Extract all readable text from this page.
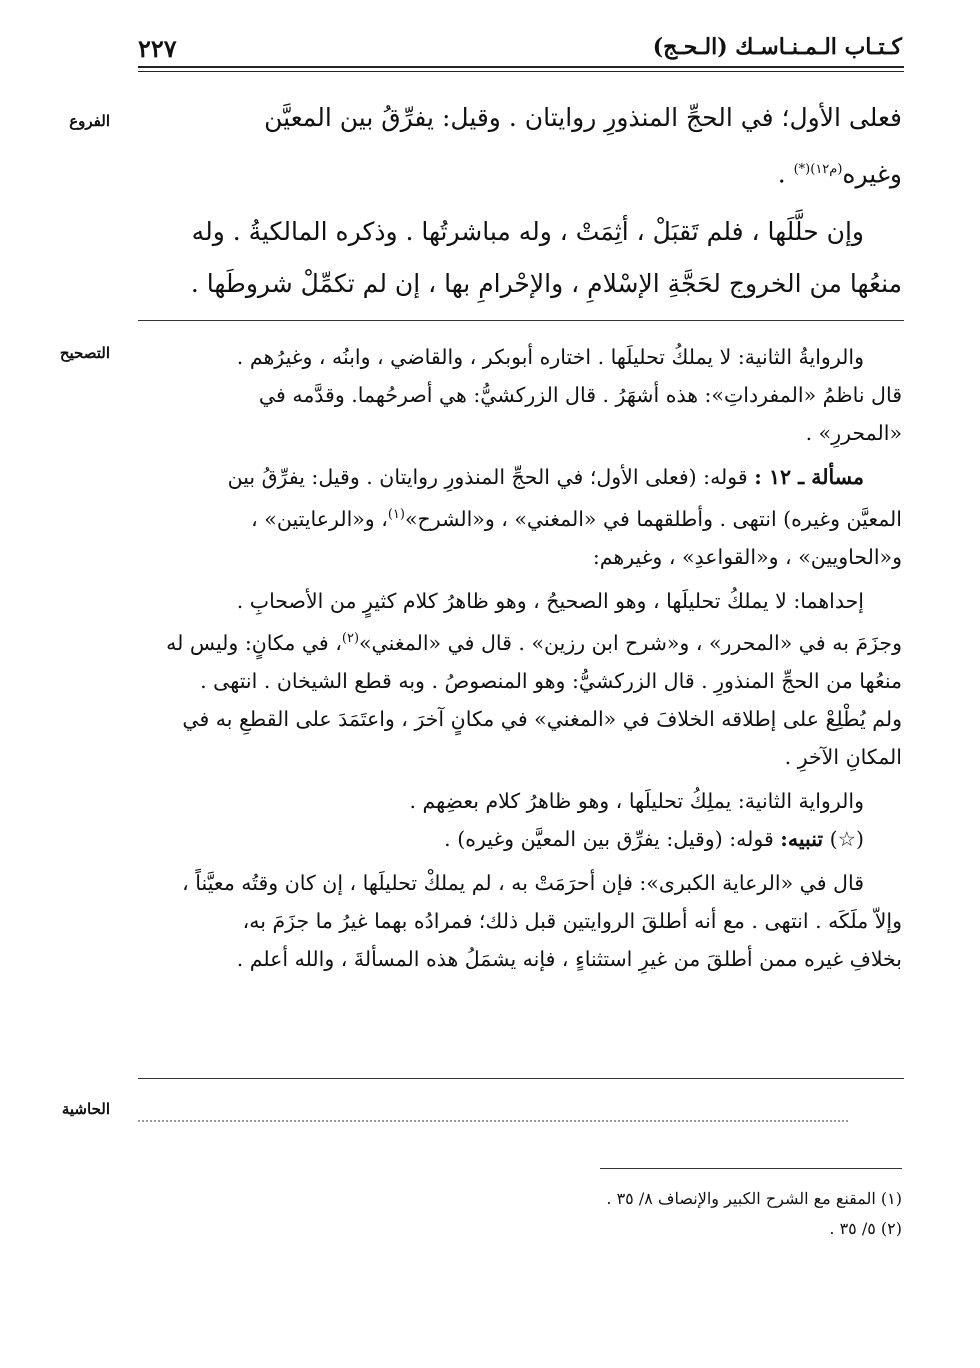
كـتـاب الـمـنـاسـك (الـحـج)
٢٢٧
الفروع
التصحيح
الحاشية

فعلى الأول؛ في الحجِّ المنذورِ روايتان . وقيل: يفرِّقُ بين المعيَّن

وغيره$^{(م١٢)(*)}$ .

وإن حلَّلَها ، فلم تَقبَلْ ، أثِمَتْ ، وله مباشرتُها . وذكره المالكيةُ . وله

منعُها من الخروج لحَجَّةِ الإسْلامِ ، والإحْرامِ بها ، إن لم تكمِّلْ شروطَها .

والروايةُ الثانية: لا يملكُ تحليلَها . اختاره أبوبكر ، والقاضي ، وابنُه ، وغيرُهم .

قال ناظمُ «المفرداتِ»: هذه أشهَرُ . قال الزركشيُّ: هي أصرحُهما. وقدَّمه في

«المحررِ» .

مسألة ـ ١٢ : قوله: (فعلى الأول؛ في الحجِّ المنذورِ روايتان . وقيل: يفرِّقُ بين

المعيَّن وغيره) انتهى . وأطلقهما في «المغني» ، و«الشرح»$^{(١)}$، و«الرعايتين» ،

و«الحاويين» ، و«القواعدِ» ، وغيرهم:

إحداهما: لا يملكُ تحليلَها ، وهو الصحيحُ ، وهو ظاهرُ كلام كثيرٍ من الأصحابِ .

وجزَمَ به في «المحرر» ، و«شرح ابن رزين» . قال في «المغني»$^{(٢)}$، في مكانٍ: وليس له

منعُها من الحجِّ المنذورِ . قال الزركشيُّ: وهو المنصوصُ . وبه قطع الشيخان . انتهى .

ولم يُطْلِعْ على إطلاقه الخلافَ في «المغني» في مكانٍ آخرَ ، واعتَمَدَ على القطعِ به في

المكانِ الآخرِ .

والرواية الثانية: يملِكُ تحليلَها ، وهو ظاهرُ كلام بعضِهم .

(☆) تنبيه: قوله: (وقيل: يفرِّق بين المعيَّن وغيره) .

قال في «الرعاية الكبرى»: فإن أحرَمَتْ به ، لم يملكْ تحليلَها ، إن كان وقتُه معيَّناً ،

وإلاّ ملَكَه . انتهى . مع أنه أطلقَ الروايتين قبل ذلك؛ فمرادُه بهما غيرُ ما جزَمَ به،

بخلافِ غيره ممن أطلقَ من غيرِ استثناءٍ ، فإنه يشمَلُ هذه المسألةَ ، والله أعلم .

(١) المقنع مع الشرح الكبير والإنصاف ٨/ ٣٥ .

(٢) ٥/ ٣٥ .
